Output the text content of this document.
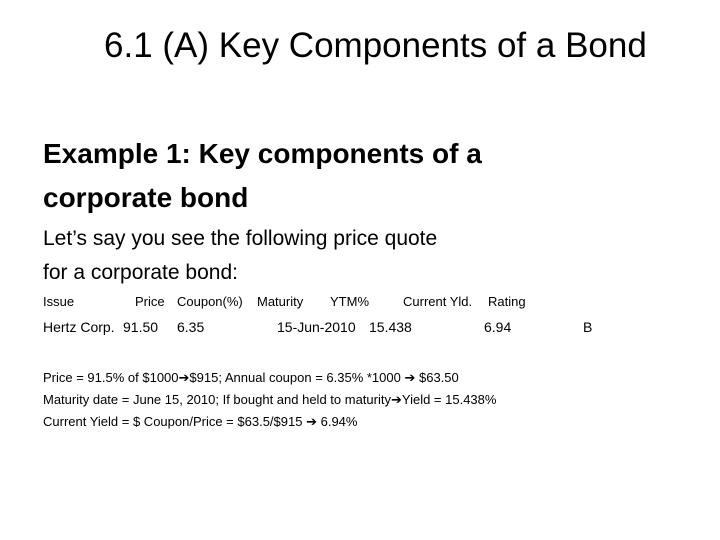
6.1 (A) Key Components of a Bond
Example 1: Key components of a
corporate bond
Let’s say you see the following price quote
for a corporate bond:
Issue	Price Coupon(%) Maturity YTM%	Current Yld. Rating
Hertz Corp. 91.50 6.35	15-Jun-2010 15.438	6.94	B
Price = 91.5% of $1000➔$915; Annual coupon = 6.35% *1000 ➔ $63.50
Maturity date = June 15, 2010; If bought and held to maturity➔Yield = 15.438%
Current Yield = $ Coupon/Price = $63.5/$915 ➔ 6.94%
